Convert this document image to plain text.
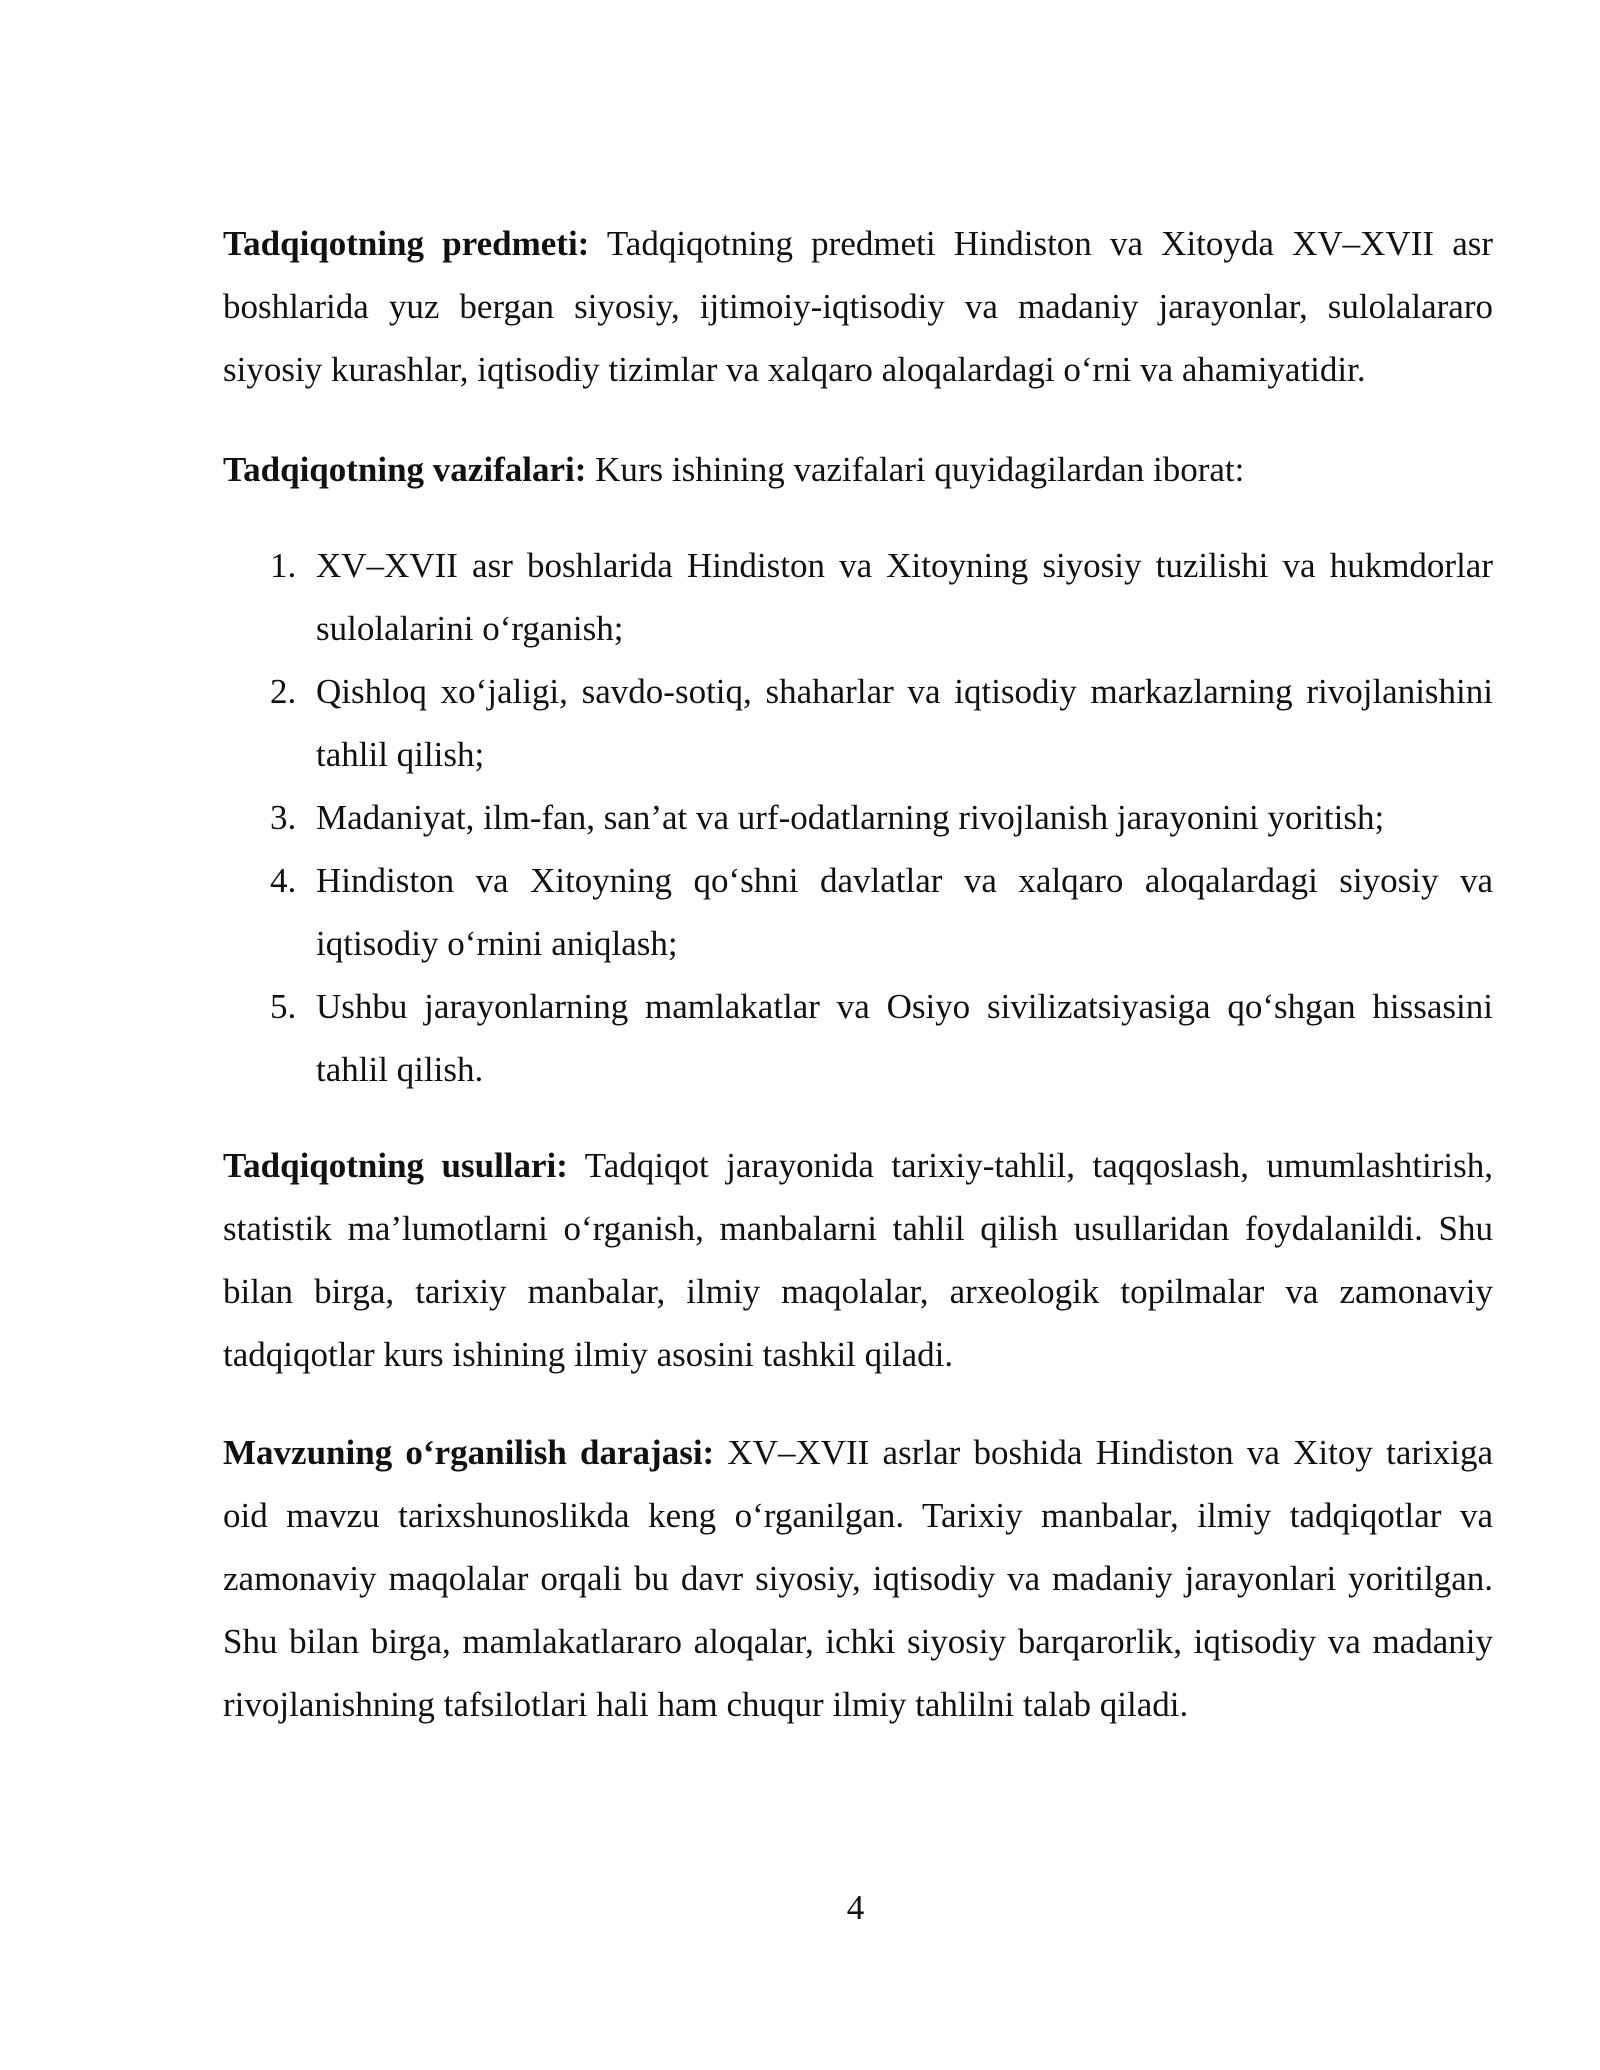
Tadqiqotning predmeti: Tadqiqotning predmeti Hindiston va Xitoyda XV–XVII asr boshlarida yuz bergan siyosiy, ijtimoiy-iqtisodiy va madaniy jarayonlar, sulolalararo siyosiy kurashlar, iqtisodiy tizimlar va xalqaro aloqalardagi oʻrni va ahamiyatidir.

Tadqiqotning vazifalari: Kurs ishining vazifalari quyidagilardan iborat:

1. XV–XVII asr boshlarida Hindiston va Xitoyning siyosiy tuzilishi va hukmdorlar sulolalarini oʻrganish;
2. Qishloq xoʻjaligi, savdo-sotiq, shaharlar va iqtisodiy markazlarning rivojlanishini tahlil qilish;
3. Madaniyat, ilm-fan, san’at va urf-odatlarning rivojlanish jarayonini yoritish;
4. Hindiston va Xitoyning qoʻshni davlatlar va xalqaro aloqalardagi siyosiy va iqtisodiy oʻrnini aniqlash;
5. Ushbu jarayonlarning mamlakatlar va Osiyo sivilizatsiyasiga qoʻshgan hissasini tahlil qilish.

Tadqiqotning usullari: Tadqiqot jarayonida tarixiy-tahlil, taqqoslash, umumlashtirish, statistik ma’lumotlarni oʻrganish, manbalarni tahlil qilish usullaridan foydalanildi. Shu bilan birga, tarixiy manbalar, ilmiy maqolalar, arxeologik topilmalar va zamonaviy tadqiqotlar kurs ishining ilmiy asosini tashkil qiladi.

Mavzuning oʻrganilish darajasi: XV–XVII asrlar boshida Hindiston va Xitoy tarixiga oid mavzu tarixshunoslikda keng oʻrganilgan. Tarixiy manbalar, ilmiy tadqiqotlar va zamonaviy maqolalar orqali bu davr siyosiy, iqtisodiy va madaniy jarayonlari yoritilgan. Shu bilan birga, mamlakatlararo aloqalar, ichki siyosiy barqarorlik, iqtisodiy va madaniy rivojlanishning tafsilotlari hali ham chuqur ilmiy tahlilni talab qiladi.

4
